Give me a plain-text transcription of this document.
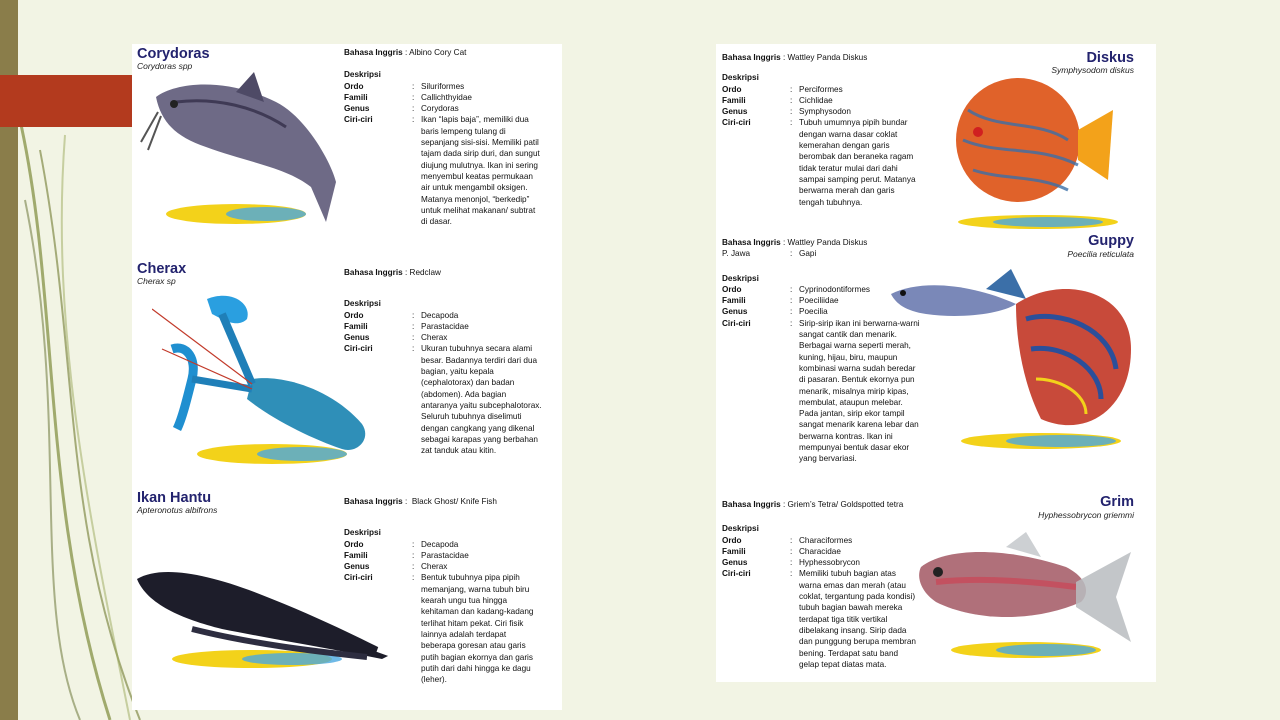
Corydoras
Corydoras spp
Bahasa Inggris : Albino Cory Cat
Deskripsi
Ordo	: Siluriformes
Famili	: Callichthyidae
Genus	: Corydoras
Ciri-ciri	: Ikan “lapis baja”, memiliki dua
baris lempeng tulang di
sepanjang sisi-sisi. Memiliki patil
tajam dada sirip duri, dan sungut
diujung mulutnya. Ikan ini sering
menyembul keatas permukaan
air untuk mengambil oksigen.
Matanya menonjol, “berkedip”
untuk melihat makanan/ subtrat
di dasar.
Cherax
Cherax sp
Bahasa Inggris : Redclaw
Deskripsi
Ordo	: Decapoda
Famili	: Parastacidae
Genus	: Cherax
Ciri-ciri	: Ukuran tubuhnya secara alami
besar. Badannya terdiri dari dua
bagian, yaitu kepala
(cephalotorax) dan badan
(abdomen). Ada bagian
antaranya yaitu subcephalotorax.
Seluruh tubuhnya diselimuti
dengan cangkang yang dikenal
sebagai karapas yang berbahan
zat tanduk atau kitin.
Ikan Hantu
Apteronotus albifrons
Bahasa Inggris :  Black Ghost/ Knife Fish
Deskripsi
Ordo	: Decapoda
Famili	: Parastacidae
Genus	: Cherax
Ciri-ciri	: Bentuk tubuhnya pipa pipih
memanjang, warna tubuh biru
kearah ungu tua hingga
kehitaman dan kadang-kadang
terlihat hitam pekat. Ciri fisik
lainnya adalah terdapat
beberapa goresan atau garis
putih bagian ekornya dan garis
putih dari dahi hingga ke dagu
(leher).
Bahasa Inggris : Wattley Panda Diskus
Deskripsi
Ordo	: Perciformes
Famili	: Cichlidae
Genus	: Symphysodon
Ciri-ciri	: Tubuh umumnya pipih bundar
dengan warna dasar coklat
kemerahan dengan garis
berombak dan beraneka ragam
tidak teratur mulai dari dahi
sampai samping perut. Matanya
berwarna merah dan garis
tengah tubuhnya.
Diskus
Symphysodom diskus
Bahasa Inggris : Wattley Panda Diskus
P. Jawa	: Gapi
Deskripsi
Ordo	: Cyprinodontiformes
Famili	: Poeciliidae
Genus	: Poecilia
Ciri-ciri	: Sirip-sirip ikan ini berwarna-warni
sangat cantik dan menarik.
Berbagai warna seperti merah,
kuning, hijau, biru, maupun
kombinasi warna sudah beredar
di pasaran. Bentuk ekornya pun
menarik, misalnya mirip kipas,
membulat, ataupun melebar.
Pada jantan, sirip ekor tampil
sangat menarik karena lebar dan
berwarna kontras. Ikan ini
mempunyai bentuk dasar ekor
yang bervariasi.
Guppy
Poecilia reticulata
Bahasa Inggris : Griem’s Tetra/ Goldspotted tetra
Deskripsi
Ordo	: Characiformes
Famili	: Characidae
Genus	: Hyphessobrycon
Ciri-ciri	: Memiliki tubuh bagian atas
warna emas dan merah (atau
coklat, tergantung pada kondisi)
tubuh bagian bawah mereka
terdapat tiga titik vertikal
dibelakang insang. Sirip dada
dan punggung berupa membran
bening. Terdapat satu band
gelap tepat diatas mata.
Grim
Hyphessobrycon griemmi
